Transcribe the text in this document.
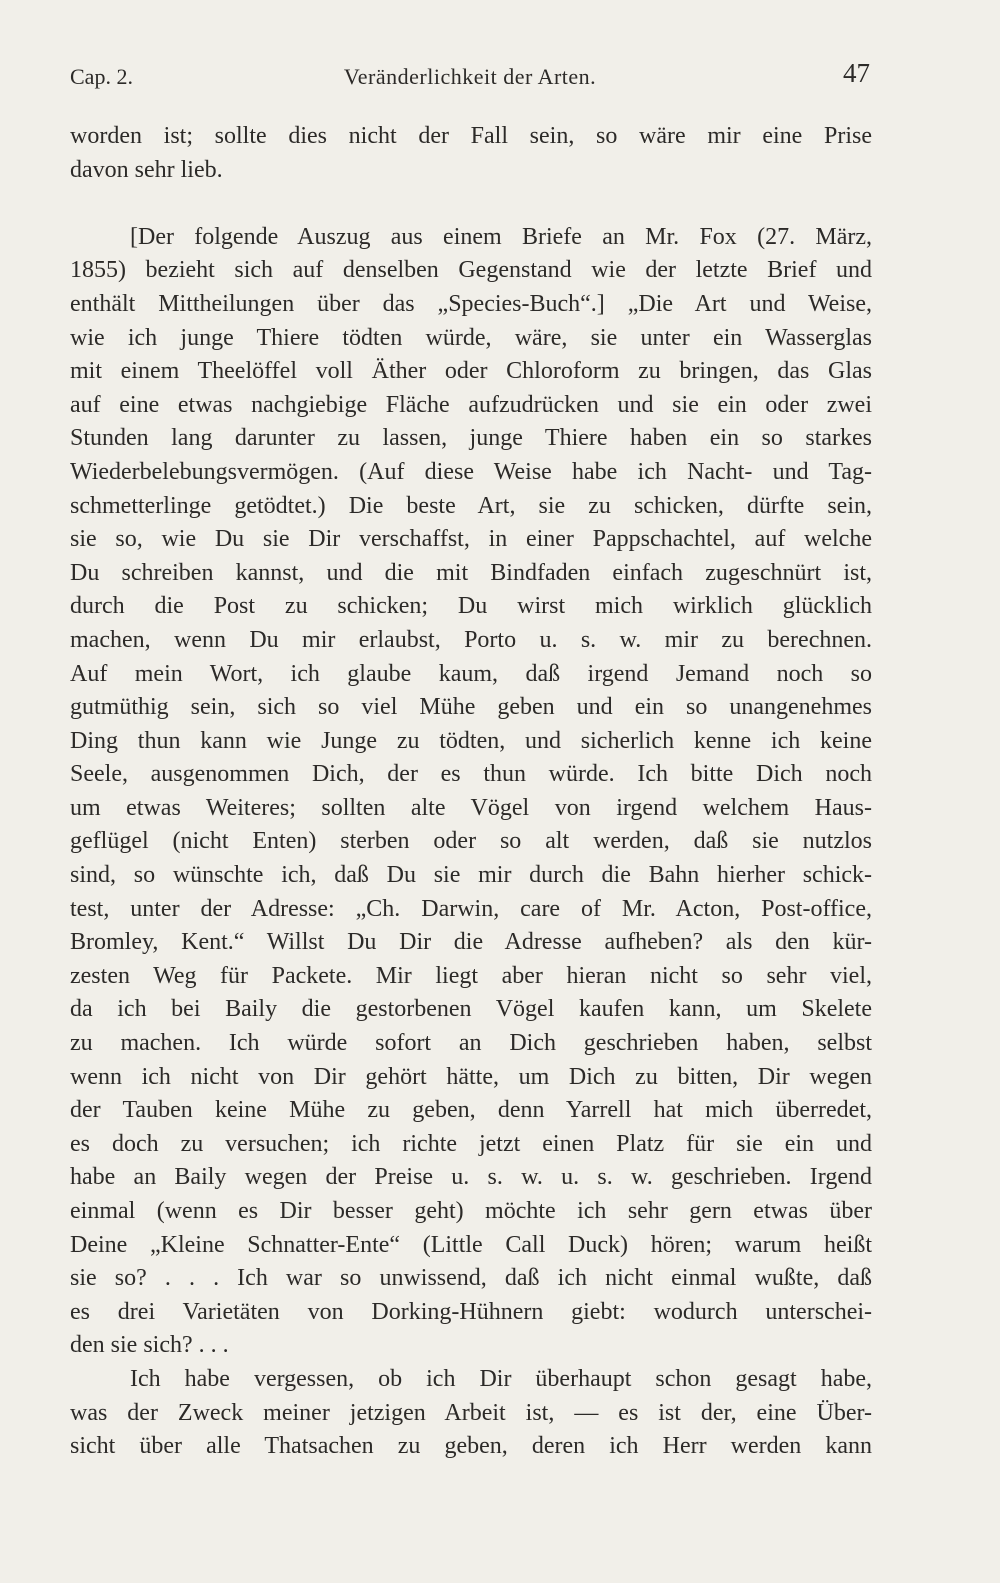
Cap. 2.	Veränderlichkeit der Arten.	47
worden ist; sollte dies nicht der Fall sein, so wäre mir eine Prise
davon sehr lieb.
[Der folgende Auszug aus einem Briefe an Mr. Fox (27. März,
1855) bezieht sich auf denselben Gegenstand wie der letzte Brief und
enthält Mittheilungen über das „Species-Buch“.] „Die Art und Weise,
wie ich junge Thiere tödten würde, wäre, sie unter ein Wasserglas
mit einem Theelöffel voll Äther oder Chloroform zu bringen, das Glas
auf eine etwas nachgiebige Fläche aufzudrücken und sie ein oder zwei
Stunden lang darunter zu lassen, junge Thiere haben ein so starkes
Wiederbelebungsvermögen. (Auf diese Weise habe ich Nacht- und Tag-
schmetterlinge getödtet.) Die beste Art, sie zu schicken, dürfte sein,
sie so, wie Du sie Dir verschaffst, in einer Pappschachtel, auf welche
Du schreiben kannst, und die mit Bindfaden einfach zugeschnürt ist,
durch die Post zu schicken; Du wirst mich wirklich glücklich
machen, wenn Du mir erlaubst, Porto u. s. w. mir zu berechnen.
Auf mein Wort, ich glaube kaum, daß irgend Jemand noch so
gutmüthig sein, sich so viel Mühe geben und ein so unangenehmes
Ding thun kann wie Junge zu tödten, und sicherlich kenne ich keine
Seele, ausgenommen Dich, der es thun würde. Ich bitte Dich noch
um etwas Weiteres; sollten alte Vögel von irgend welchem Haus-
geflügel (nicht Enten) sterben oder so alt werden, daß sie nutzlos
sind, so wünschte ich, daß Du sie mir durch die Bahn hierher schick-
test, unter der Adresse: „Ch. Darwin, care of Mr. Acton, Post-office,
Bromley, Kent.“ Willst Du Dir die Adresse aufheben? als den kür-
zesten Weg für Packete. Mir liegt aber hieran nicht so sehr viel,
da ich bei Baily die gestorbenen Vögel kaufen kann, um Skelete
zu machen. Ich würde sofort an Dich geschrieben haben, selbst
wenn ich nicht von Dir gehört hätte, um Dich zu bitten, Dir wegen
der Tauben keine Mühe zu geben, denn Yarrell hat mich überredet,
es doch zu versuchen; ich richte jetzt einen Platz für sie ein und
habe an Baily wegen der Preise u. s. w. u. s. w. geschrieben. Irgend
einmal (wenn es Dir besser geht) möchte ich sehr gern etwas über
Deine „Kleine Schnatter-Ente“ (Little Call Duck) hören; warum heißt
sie so? . . . Ich war so unwissend, daß ich nicht einmal wußte, daß
es drei Varietäten von Dorking-Hühnern giebt: wodurch unterschei-
den sie sich? . . .
Ich habe vergessen, ob ich Dir überhaupt schon gesagt habe,
was der Zweck meiner jetzigen Arbeit ist, — es ist der, eine Über-
sicht über alle Thatsachen zu geben, deren ich Herr werden kann
